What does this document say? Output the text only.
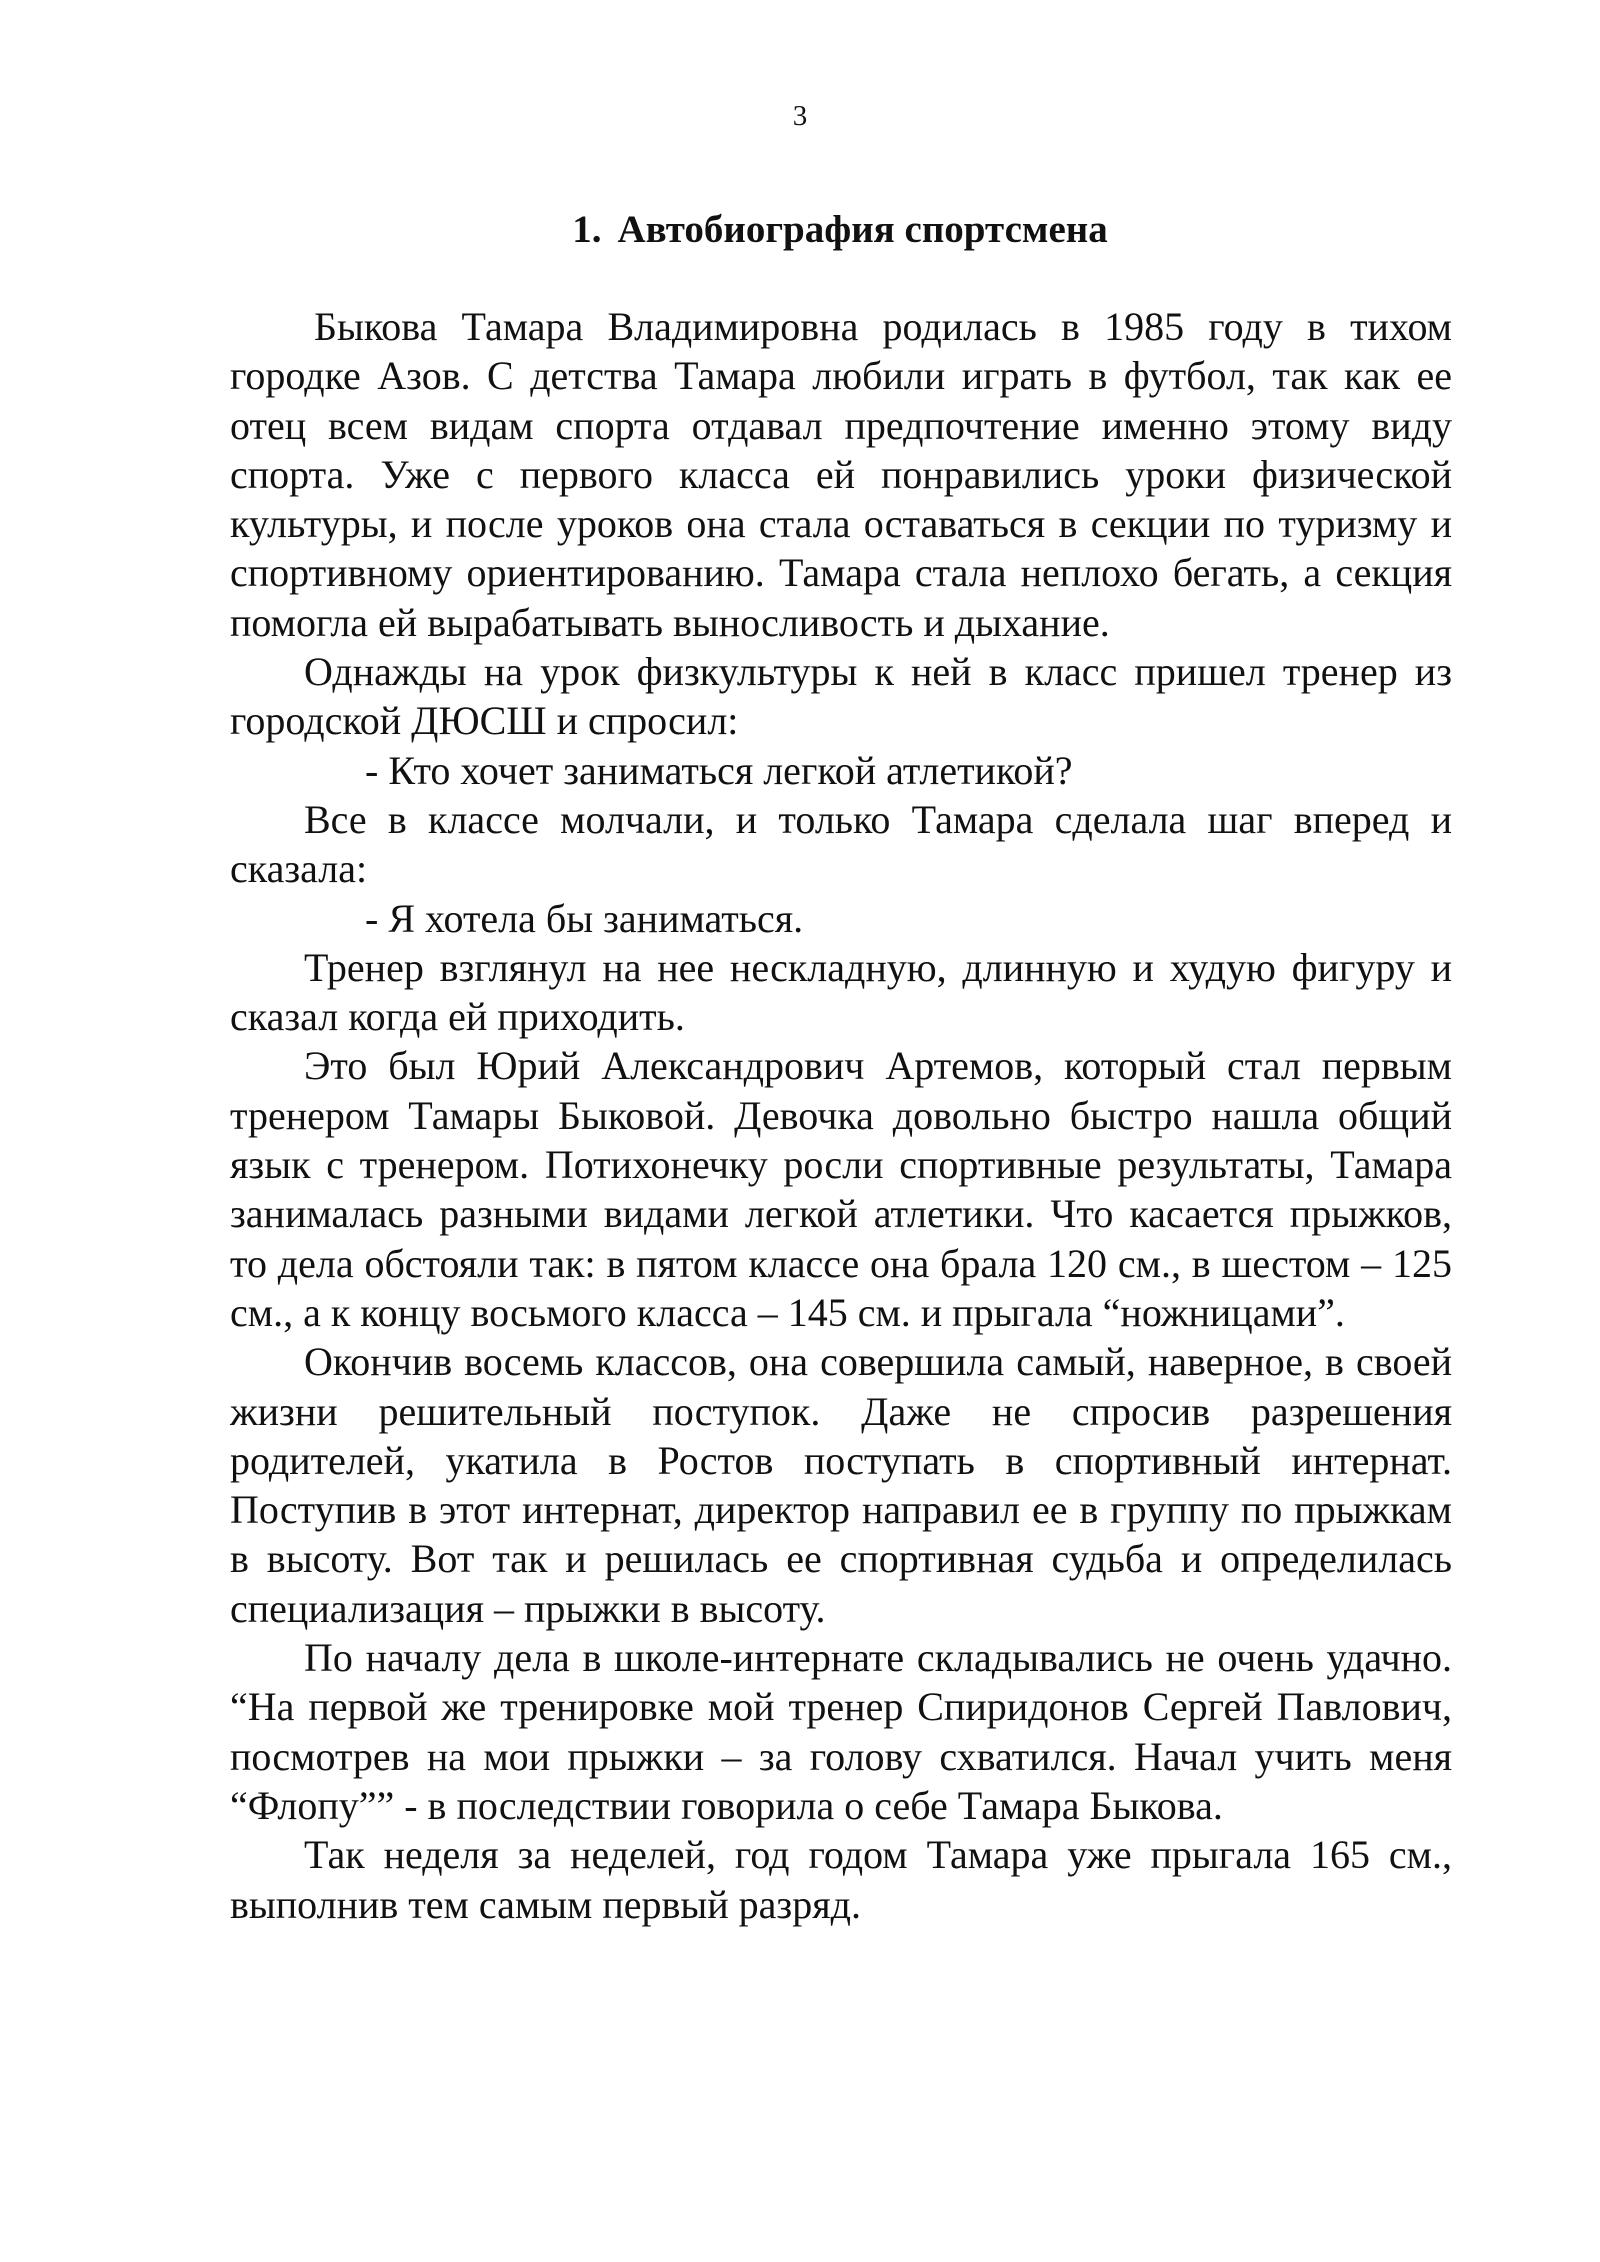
3
1. Автобиография спортсмена

Быкова Тамара Владимировна родилась в 1985 году в тихом городке Азов. С детства Тамара любили играть в футбол, так как ее отец всем видам спорта отдавал предпочтение именно этому виду спорта. Уже с первого класса ей понравились уроки физической культуры, и после уроков она стала оставаться в секции по туризму и спортивному ориентированию. Тамара стала неплохо бегать, а секция помогла ей вырабатывать выносливость и дыхание.

Однажды на урок физкультуры к ней в класс пришел тренер из городской ДЮСШ и спросил:

- Кто хочет заниматься легкой атлетикой?

Все в классе молчали, и только Тамара сделала шаг вперед и сказала:

- Я хотела бы заниматься.

Тренер взглянул на нее нескладную, длинную и худую фигуру и сказал когда ей приходить.

Это был Юрий Александрович Артемов, который стал первым тренером Тамары Быковой. Девочка довольно быстро нашла общий язык с тренером. Потихонечку росли спортивные результаты, Тамара занималась разными видами легкой атлетики. Что касается прыжков, то дела обстояли так: в пятом классе она брала 120 см., в шестом – 125 см., а к концу восьмого класса – 145 см. и прыгала “ножницами”.

Окончив восемь классов, она совершила самый, наверное, в своей жизни решительный поступок. Даже не спросив разрешения родителей, укатила в Ростов поступать в спортивный интернат. Поступив в этот интернат, директор направил ее в группу по прыжкам в высоту. Вот так и решилась ее спортивная судьба и определилась специализация – прыжки в высоту.

По началу дела в школе-интернате складывались не очень удачно. “На первой же тренировке мой тренер Спиридонов Сергей Павлович, посмотрев на мои прыжки – за голову схватился. Начал учить меня “Флопу”” - в последствии говорила о себе Тамара Быкова.

Так неделя за неделей, год годом Тамара уже прыгала 165 см., выполнив тем самым первый разряд.
